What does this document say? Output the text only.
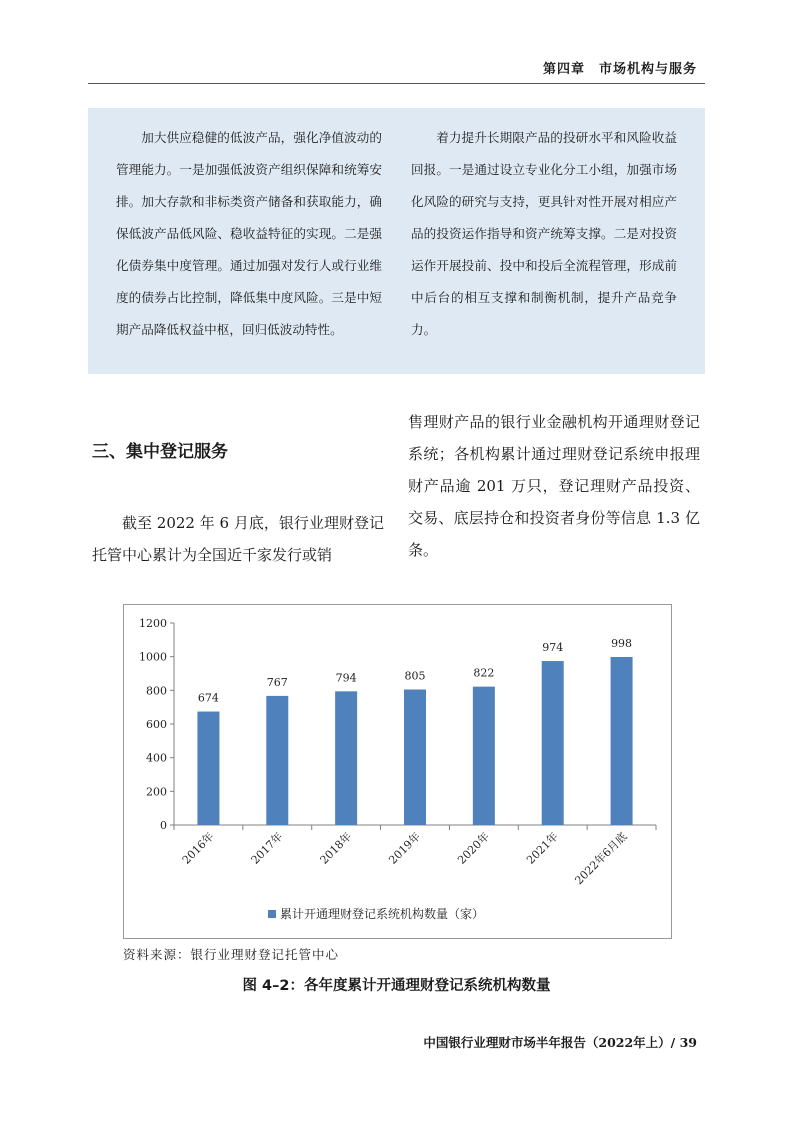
第四章　市场机构与服务
加大供应稳健的低波产品，强化净值波动的管理能力。一是加强低波资产组织保障和统筹安排。加大存款和非标类资产储备和获取能力，确保低波产品低风险、稳收益特征的实现。二是强化债券集中度管理。通过加强对发行人或行业维度的债券占比控制，降低集中度风险。三是中短期产品降低权益中枢，回归低波动特性。
着力提升长期限产品的投研水平和风险收益回报。一是通过设立专业化分工小组，加强市场化风险的研究与支持，更具针对性开展对相应产品的投资运作指导和资产统筹支撑。二是对投资运作开展投前、投中和投后全流程管理，形成前中后台的相互支撑和制衡机制，提升产品竞争力。
三、集中登记服务
截至 2022 年 6 月底，银行业理财登记托管中心累计为全国近千家发行或销
售理财产品的银行业金融机构开通理财登记系统；各机构累计通过理财登记系统申报理财产品逾 201 万只，登记理财产品投资、交易、底层持仓和投资者身份等信息 1.3 亿条。
0
200
400
600
800
1000
1200
674
2016年
767
2017年
794
2018年
805
2019年
822
2020年
974
2021年
998
2022年6月底
累计开通理财登记系统机构数量（家）
资料来源：银行业理财登记托管中心
图 4–2：各年度累计开通理财登记系统机构数量
中国银行业理财市场半年报告（2022年上）/ 39
